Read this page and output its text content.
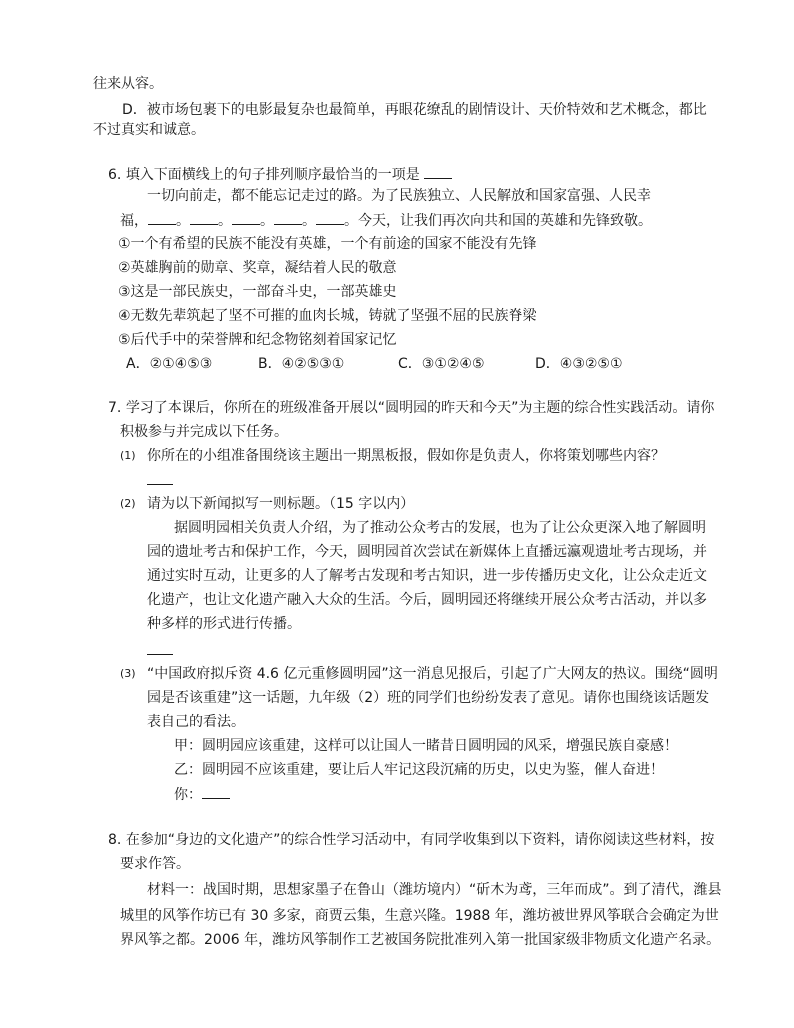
往来从容。

D．被市场包裹下的电影最复杂也最简单，再眼花缭乱的剧情设计、天价特效和艺术概念，都比

不过真实和诚意。

6. 填入下面横线上的句子排列顺序最恰当的一项是

一切向前走，都不能忘记走过的路。为了民族独立、人民解放和国家富强、人民幸

福， 。 。 。 。 。今天，让我们再次向共和国的英雄和先锋致敬。

①一个有希望的民族不能没有英雄，一个有前途的国家不能没有先锋

②英雄胸前的勋章、奖章，凝结着人民的敬意

③这是一部民族史，一部奋斗史，一部英雄史

④无数先辈筑起了坚不可摧的血肉长城，铸就了坚强不屈的民族脊梁

⑤后代手中的荣誉牌和纪念物铭刻着国家记忆

A．②①④⑤③	B．④②⑤③①	C．③①②④⑤	D．④③②⑤①

7. 学习了本课后，你所在的班级准备开展以“圆明园的昨天和今天”为主题的综合性实践活动。请你

积极参与并完成以下任务。

(1) 你所在的小组准备围绕该主题出一期黑板报，假如你是负责人，你将策划哪些内容？

(2) 请为以下新闻拟写一则标题。（15 字以内）

据圆明园相关负责人介绍，为了推动公众考古的发展，也为了让公众更深入地了解圆明

园的遗址考古和保护工作，今天，圆明园首次尝试在新媒体上直播远瀛观遗址考古现场，并

通过实时互动，让更多的人了解考古发现和考古知识，进一步传播历史文化，让公众走近文

化遗产，也让文化遗产融入大众的生活。今后，圆明园还将继续开展公众考古活动，并以多

种多样的形式进行传播。

(3) “中国政府拟斥资 4.6 亿元重修圆明园”这一消息见报后，引起了广大网友的热议。围绕“圆明

园是否该重建”这一话题，九年级（2）班的同学们也纷纷发表了意见。请你也围绕该话题发

表自己的看法。

甲：圆明园应该重建，这样可以让国人一睹昔日圆明园的风采，增强民族自豪感！

乙：圆明园不应该重建，要让后人牢记这段沉痛的历史，以史为鉴，催人奋进！

你：

8. 在参加“身边的文化遗产”的综合性学习活动中，有同学收集到以下资料，请你阅读这些材料，按

要求作答。

材料一：战国时期，思想家墨子在鲁山（潍坊境内）“斫木为鸢，三年而成”。到了清代，潍县

城里的风筝作坊已有 30 多家，商贾云集，生意兴隆。1988 年，潍坊被世界风筝联合会确定为世

界风筝之都。2006 年，潍坊风筝制作工艺被国务院批准列入第一批国家级非物质文化遗产名录。
